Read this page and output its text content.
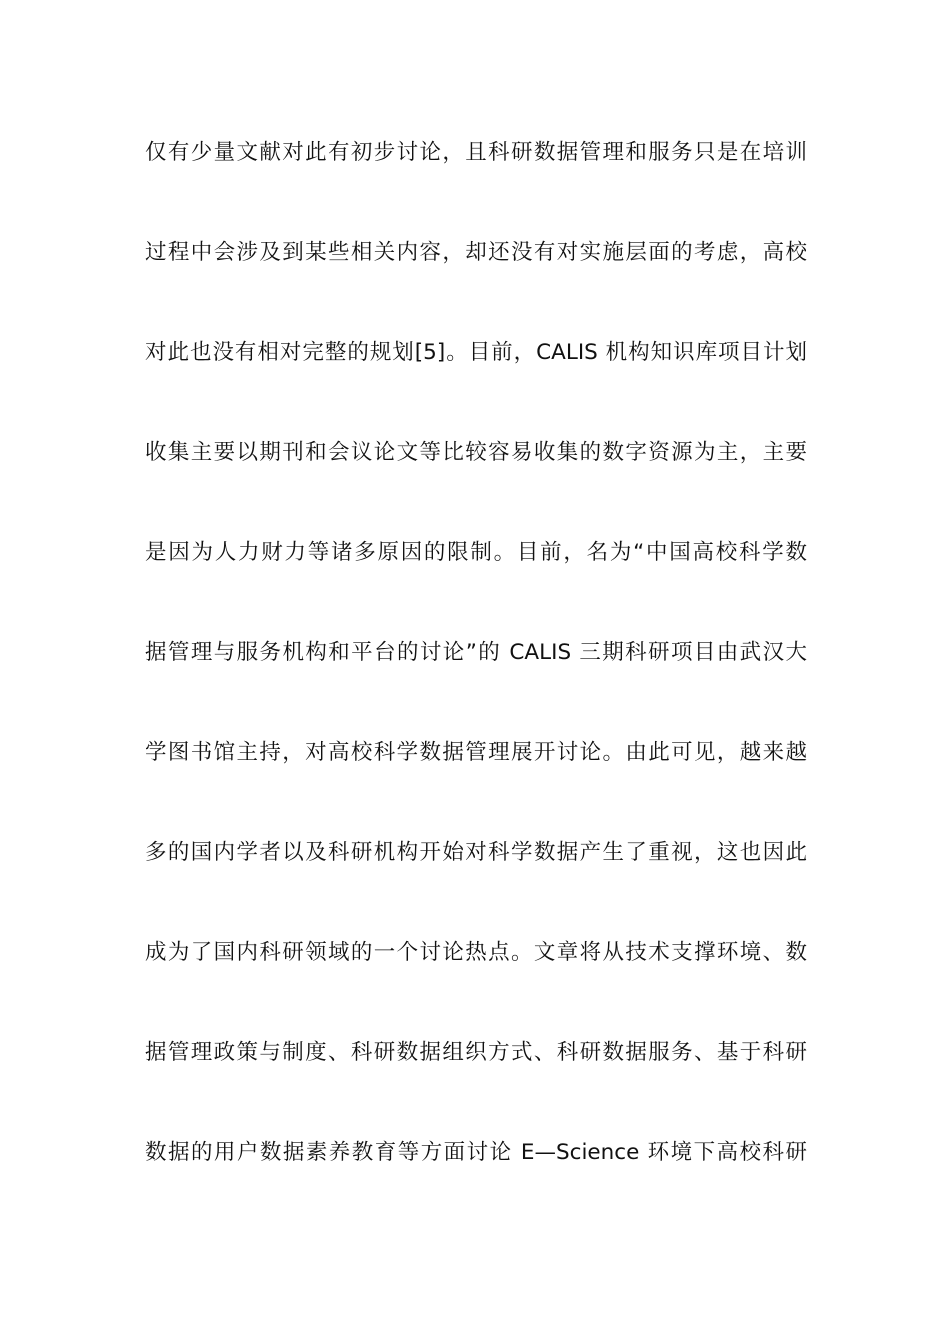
仅有少量文献对此有初步讨论，且科研数据管理和服务只是在培训
过程中会涉及到某些相关内容，却还没有对实施层面的考虑，高校
对此也没有相对完整的规划[5]。目前，CALIS 机构知识库项目计划
收集主要以期刊和会议论文等比较容易收集的数字资源为主，主要
是因为人力财力等诸多原因的限制。目前，名为“中国高校科学数
据管理与服务机构和平台的讨论”的 CALIS 三期科研项目由武汉大
学图书馆主持，对高校科学数据管理展开讨论。由此可见，越来越
多的国内学者以及科研机构开始对科学数据产生了重视，这也因此
成为了国内科研领域的一个讨论热点。文章将从技术支撑环境、数
据管理政策与制度、科研数据组织方式、科研数据服务、基于科研
数据的用户数据素养教育等方面讨论 E—Science 环境下高校科研
